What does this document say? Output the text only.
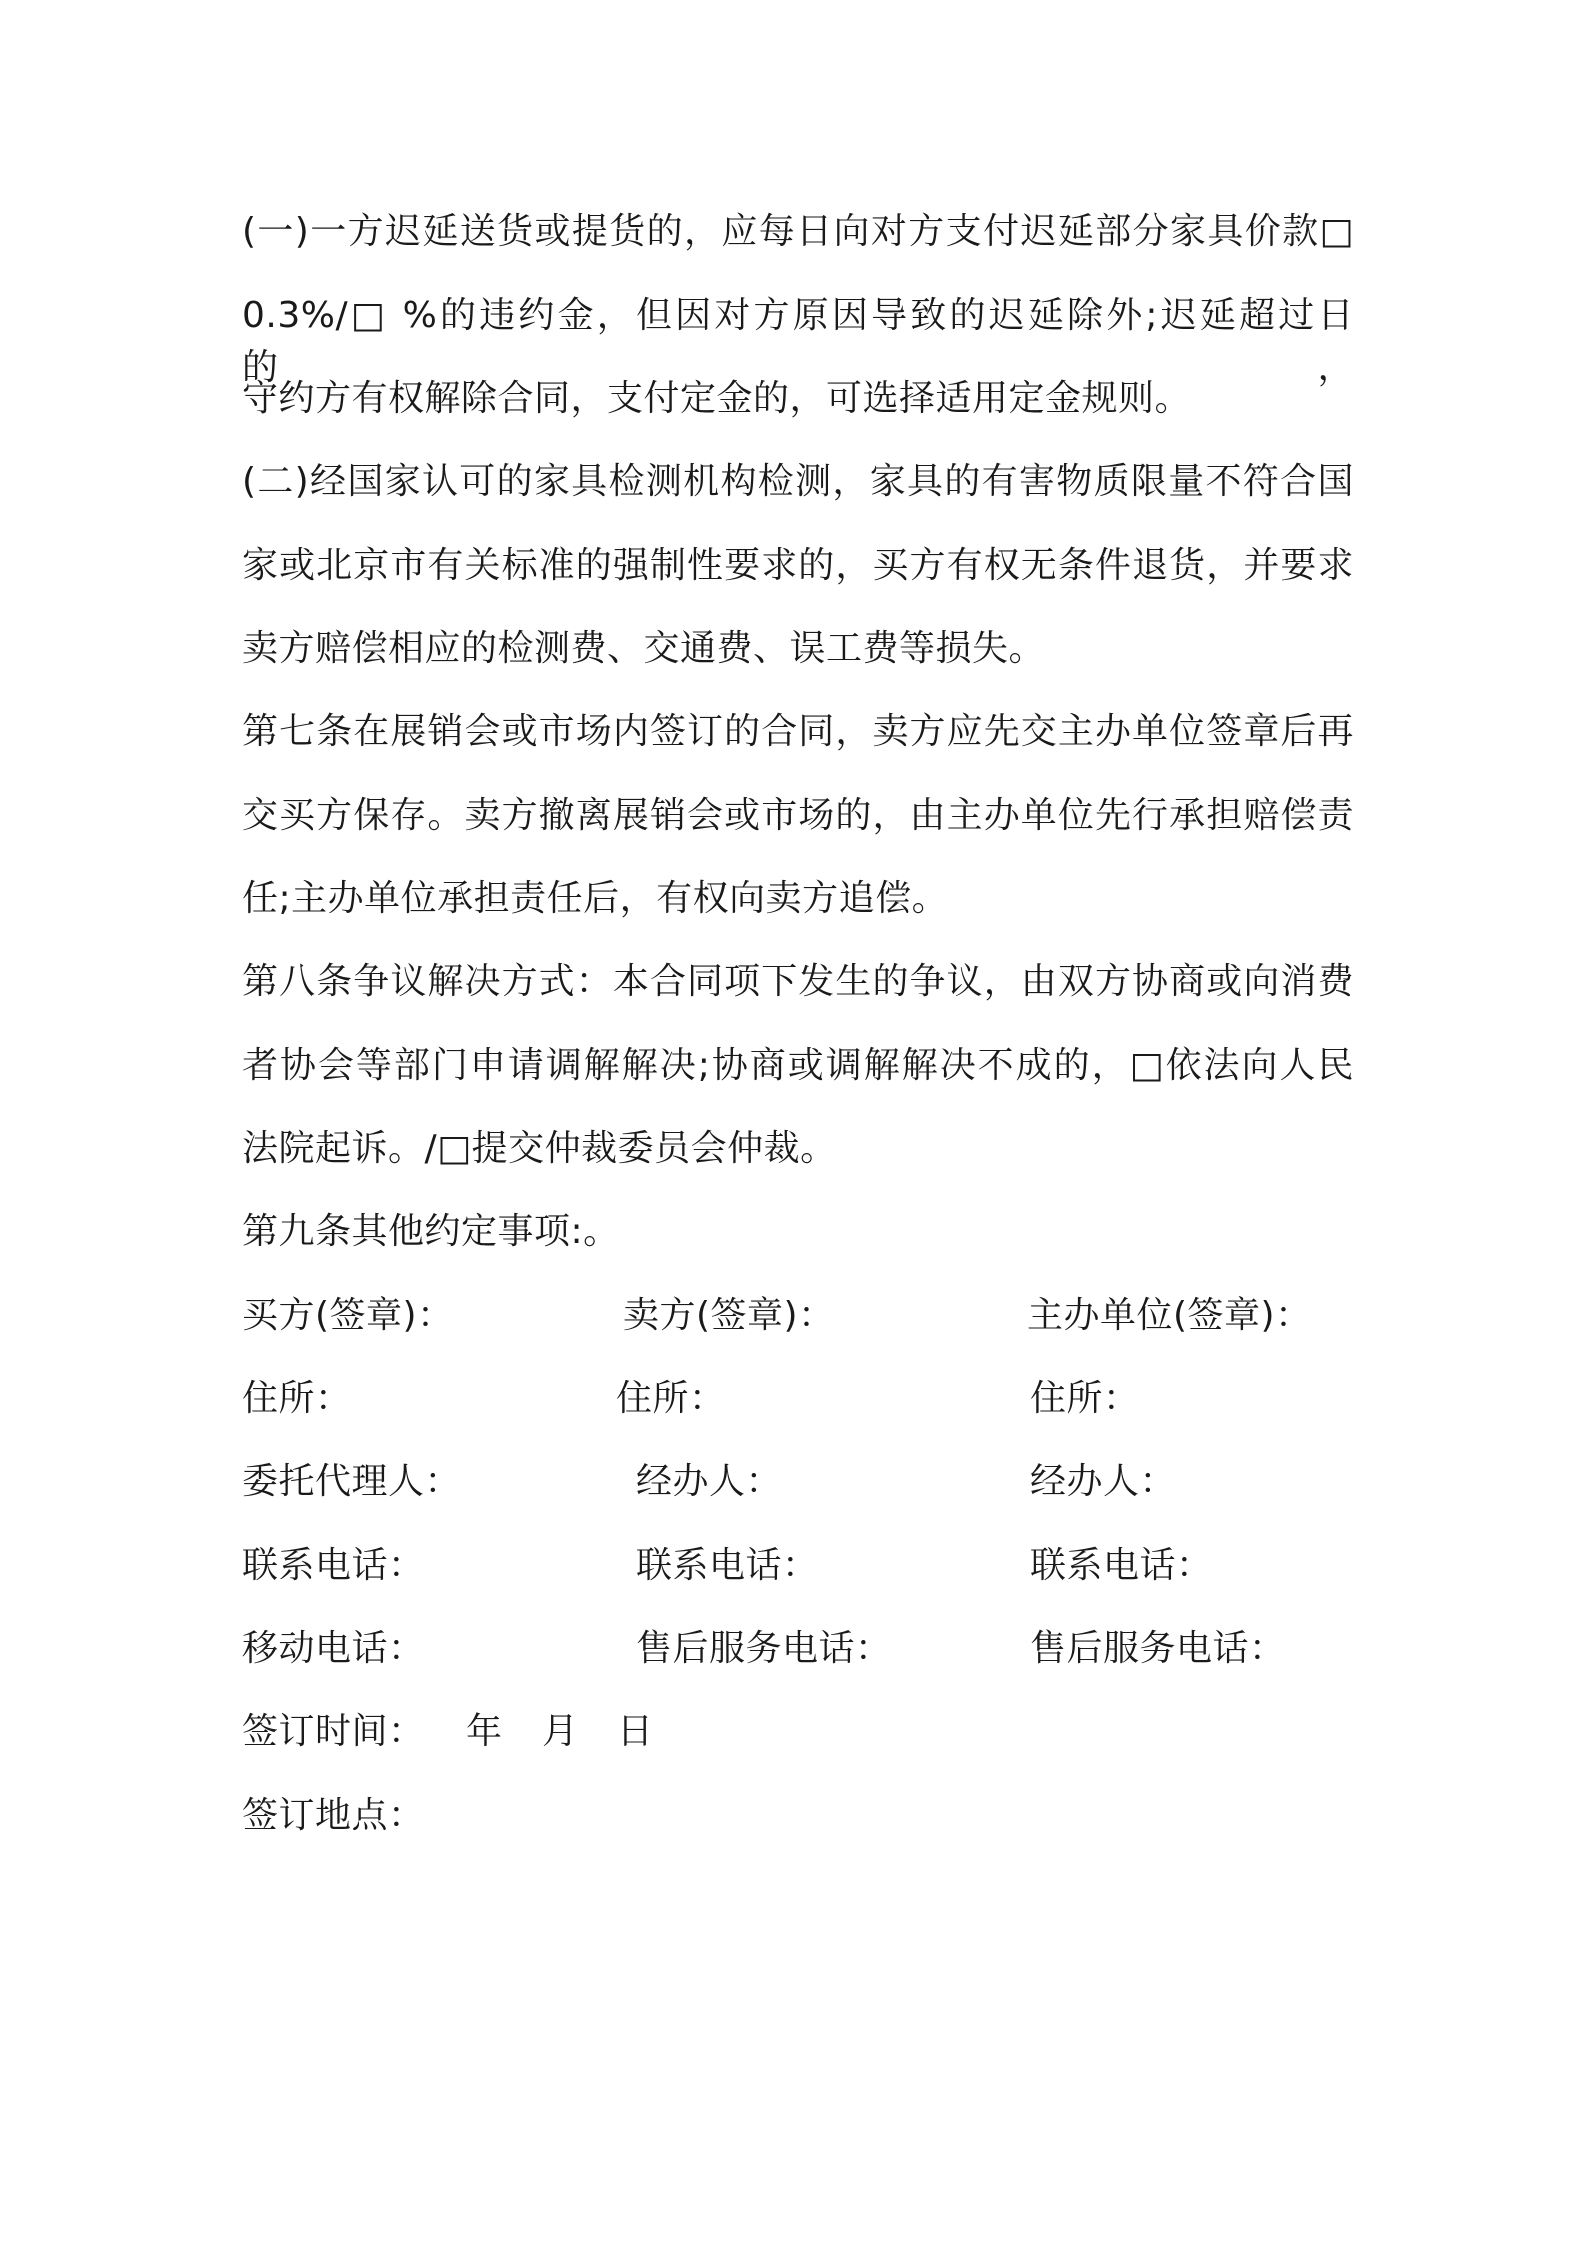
(一)一方迟延送货或提货的，应每日向对方支付迟延部分家具价款□
0.3%/□ %的违约金，但因对方原因导致的迟延除外;迟延超过日的，
守约方有权解除合同，支付定金的，可选择适用定金规则。
(二)经国家认可的家具检测机构检测，家具的有害物质限量不符合国
家或北京市有关标准的强制性要求的，买方有权无条件退货，并要求
卖方赔偿相应的检测费、交通费、误工费等损失。
第七条在展销会或市场内签订的合同，卖方应先交主办单位签章后再
交买方保存。卖方撤离展销会或市场的，由主办单位先行承担赔偿责
任;主办单位承担责任后，有权向卖方追偿。
第八条争议解决方式：本合同项下发生的争议，由双方协商或向消费
者协会等部门申请调解解决;协商或调解解决不成的，□依法向人民
法院起诉。/□提交仲裁委员会仲裁。
第九条其他约定事项:。
买方(签章)：	卖方(签章)：	主办单位(签章)：
住所：	住所：	住所：
委托代理人：	经办人：	经办人：
联系电话：	联系电话：	联系电话：
移动电话：	售后服务电话：	售后服务电话：
签订时间： 年 月 日
签订地点：
